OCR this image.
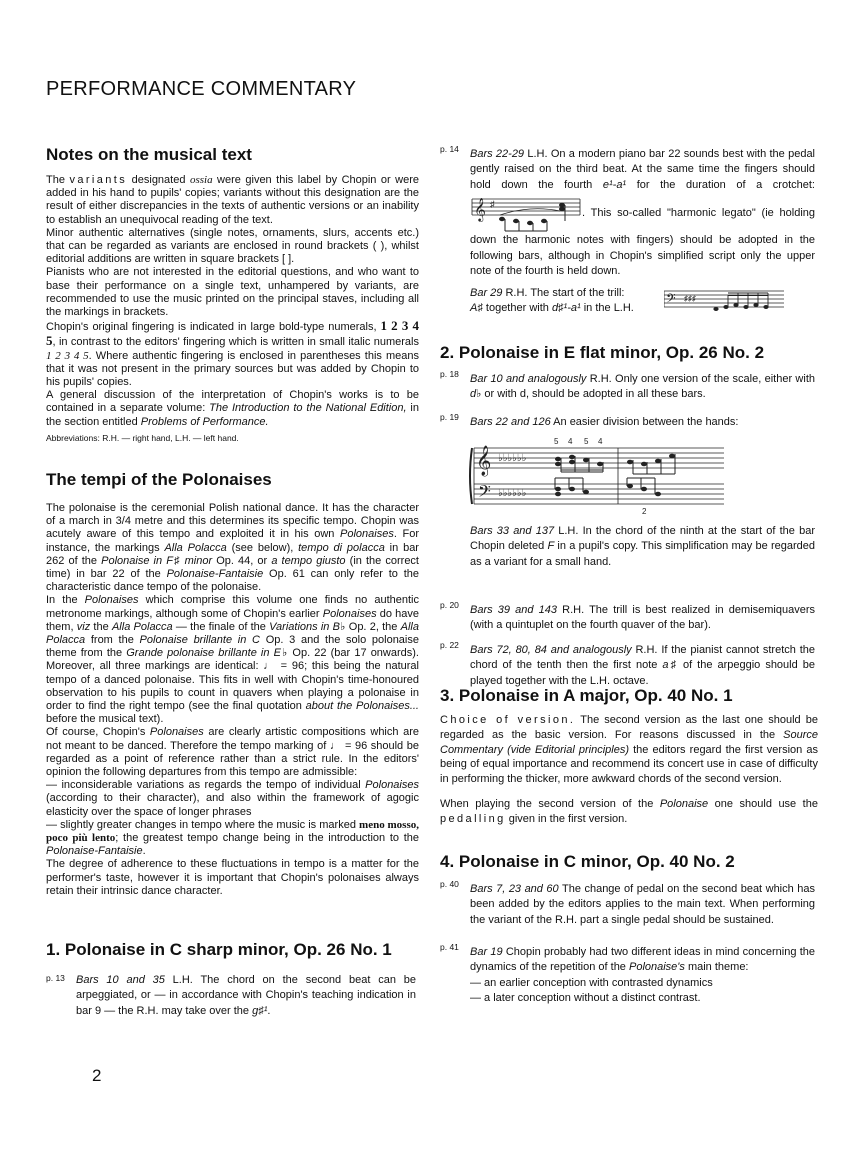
PERFORMANCE COMMENTARY
Notes on the musical text

The variants designated ossia were given this label by Chopin or were added in his hand to pupils' copies; variants without this designation are the result of either discrepancies in the texts of authentic versions or an inability to establish an unequivocal reading of the text.

Minor authentic alternatives (single notes, ornaments, slurs, accents etc.) that can be regarded as variants are enclosed in round brackets ( ), whilst editorial additions are written in square brackets [ ].

Pianists who are not interested in the editorial questions, and who want to base their performance on a single text, unhampered by variants, are recommended to use the music printed on the principal staves, including all the markings in brackets.

Chopin's original fingering is indicated in large bold-type numerals, 1 2 3 4 5, in contrast to the editors' fingering which is written in small italic numerals 1 2 3 4 5. Where authentic fingering is enclosed in parentheses this means that it was not present in the primary sources but was added by Chopin to his pupils' copies.

A general discussion of the interpretation of Chopin's works is to be contained in a separate volume: The Introduction to the National Edition, in the section entitled Problems of Performance.

Abbreviations: R.H. — right hand, L.H. — left hand.
The tempi of the Polonaises

The polonaise is the ceremonial Polish national dance. It has the character of a march in 3/4 metre and this determines its specific tempo. Chopin was acutely aware of this tempo and exploited it in his own Polonaises. For instance, the markings Alla Polacca (see below), tempo di polacca in bar 262 of the Polonaise in F♯ minor Op. 44, or a tempo giusto (in the correct time) in bar 22 of the Polonaise-Fantaisie Op. 61 can only refer to the characteristic dance tempo of the polonaise.

In the Polonaises which comprise this volume one finds no authentic metronome markings, although some of Chopin's earlier Polonaises do have them, viz the Alla Polacca — the finale of the Variations in B♭ Op. 2, the Alla Polacca from the Polonaise brillante in C Op. 3 and the solo polonaise theme from the Grande polonaise brillante in E♭ Op. 22 (bar 17 onwards). Moreover, all three markings are identical: ♩ = 96; this being the natural tempo of a danced polonaise. This fits in well with Chopin's time-honoured observation to his pupils to count in quavers when playing a polonaise in order to find the right tempo (see the final quotation about the Polonaises... before the musical text).

Of course, Chopin's Polonaises are clearly artistic compositions which are not meant to be danced. Therefore the tempo marking of ♩ = 96 should be regarded as a point of reference rather than a strict rule. In the editors' opinion the following departures from this tempo are admissible:

— inconsiderable variations as regards the tempo of individual Polonaises (according to their character), and also within the framework of agogic elasticity over the space of longer phrases

— slightly greater changes in tempo where the music is marked meno mosso, poco più lento; the greatest tempo change being in the introduction to the Polonaise-Fantaisie.

The degree of adherence to these fluctuations in tempo is a matter for the performer's taste, however it is important that Chopin's polonaises always retain their intrinsic dance character.

1. Polonaise in C sharp minor, Op. 26 No. 1
p. 13 Bars 10 and 35 L.H. The chord on the second beat can be arpeggiated, or — in accordance with Chopin's teaching indication in bar 9 — the R.H. may take over the g♯¹.

2
p. 14 Bars 22-29 L.H. On a modern piano bar 22 sounds best with the pedal gently raised on the third beat. At the same time the fingers should hold down the fourth e¹-a¹ for the duration of a crotchet:
𝄞 ♯
. This so-called "harmonic legato" (ie holding down the harmonic notes with fingers) should be adopted in the following bars, although in Chopin's simplified script only the upper note of the fourth is held down.

Bar 29 R.H. The start of the trill:
A♯ together with d♯¹-a¹ in the L.H.	𝄢 ♯♯♯
2. Polonaise in E flat minor, Op. 26 No. 2
p. 18 Bar 10 and analogously R.H. Only one version of the scale, either with d♭ or with d, should be adopted in all these bars.

p. 19 Bars 22 and 126 An easier division between the hands:

𝄞
𝄢
♭♭♭♭♭♭
♭♭♭♭♭♭
5 4 5 4
2

Bars 33 and 137 L.H. In the chord of the ninth at the start of the bar Chopin deleted F in a pupil's copy. This simplification may be regarded as a variant for a small hand.

p. 20 Bars 39 and 143 R.H. The trill is best realized in demisemiquavers (with a quintuplet on the fourth quaver of the bar).

p. 22 Bars 72, 80, 84 and analogously R.H. If the pianist cannot stretch the chord of the tenth then the first note a♯ of the arpeggio should be played together with the L.H. octave.

3. Polonaise in A major, Op. 40 No. 1

Choice of version. The second version as the last one should be regarded as the basic version. For reasons discussed in the Source Commentary (vide Editorial principles) the editors regard the first version as being of equal importance and recommend its concert use in case of difficulty in performing the thicker, more awkward chords of the second version.

When playing the second version of the Polonaise one should use the pedalling given in the first version.

4. Polonaise in C minor, Op. 40 No. 2
p. 40 Bars 7, 23 and 60 The change of pedal on the second beat which has been added by the editors applies to the main text. When performing the variant of the R.H. part a single pedal should be sustained.

p. 41 Bar 19 Chopin probably had two different ideas in mind concerning the dynamics of the repetition of the Polonaise's main theme:

— an earlier conception with contrasted dynamics

— a later conception without a distinct contrast.
